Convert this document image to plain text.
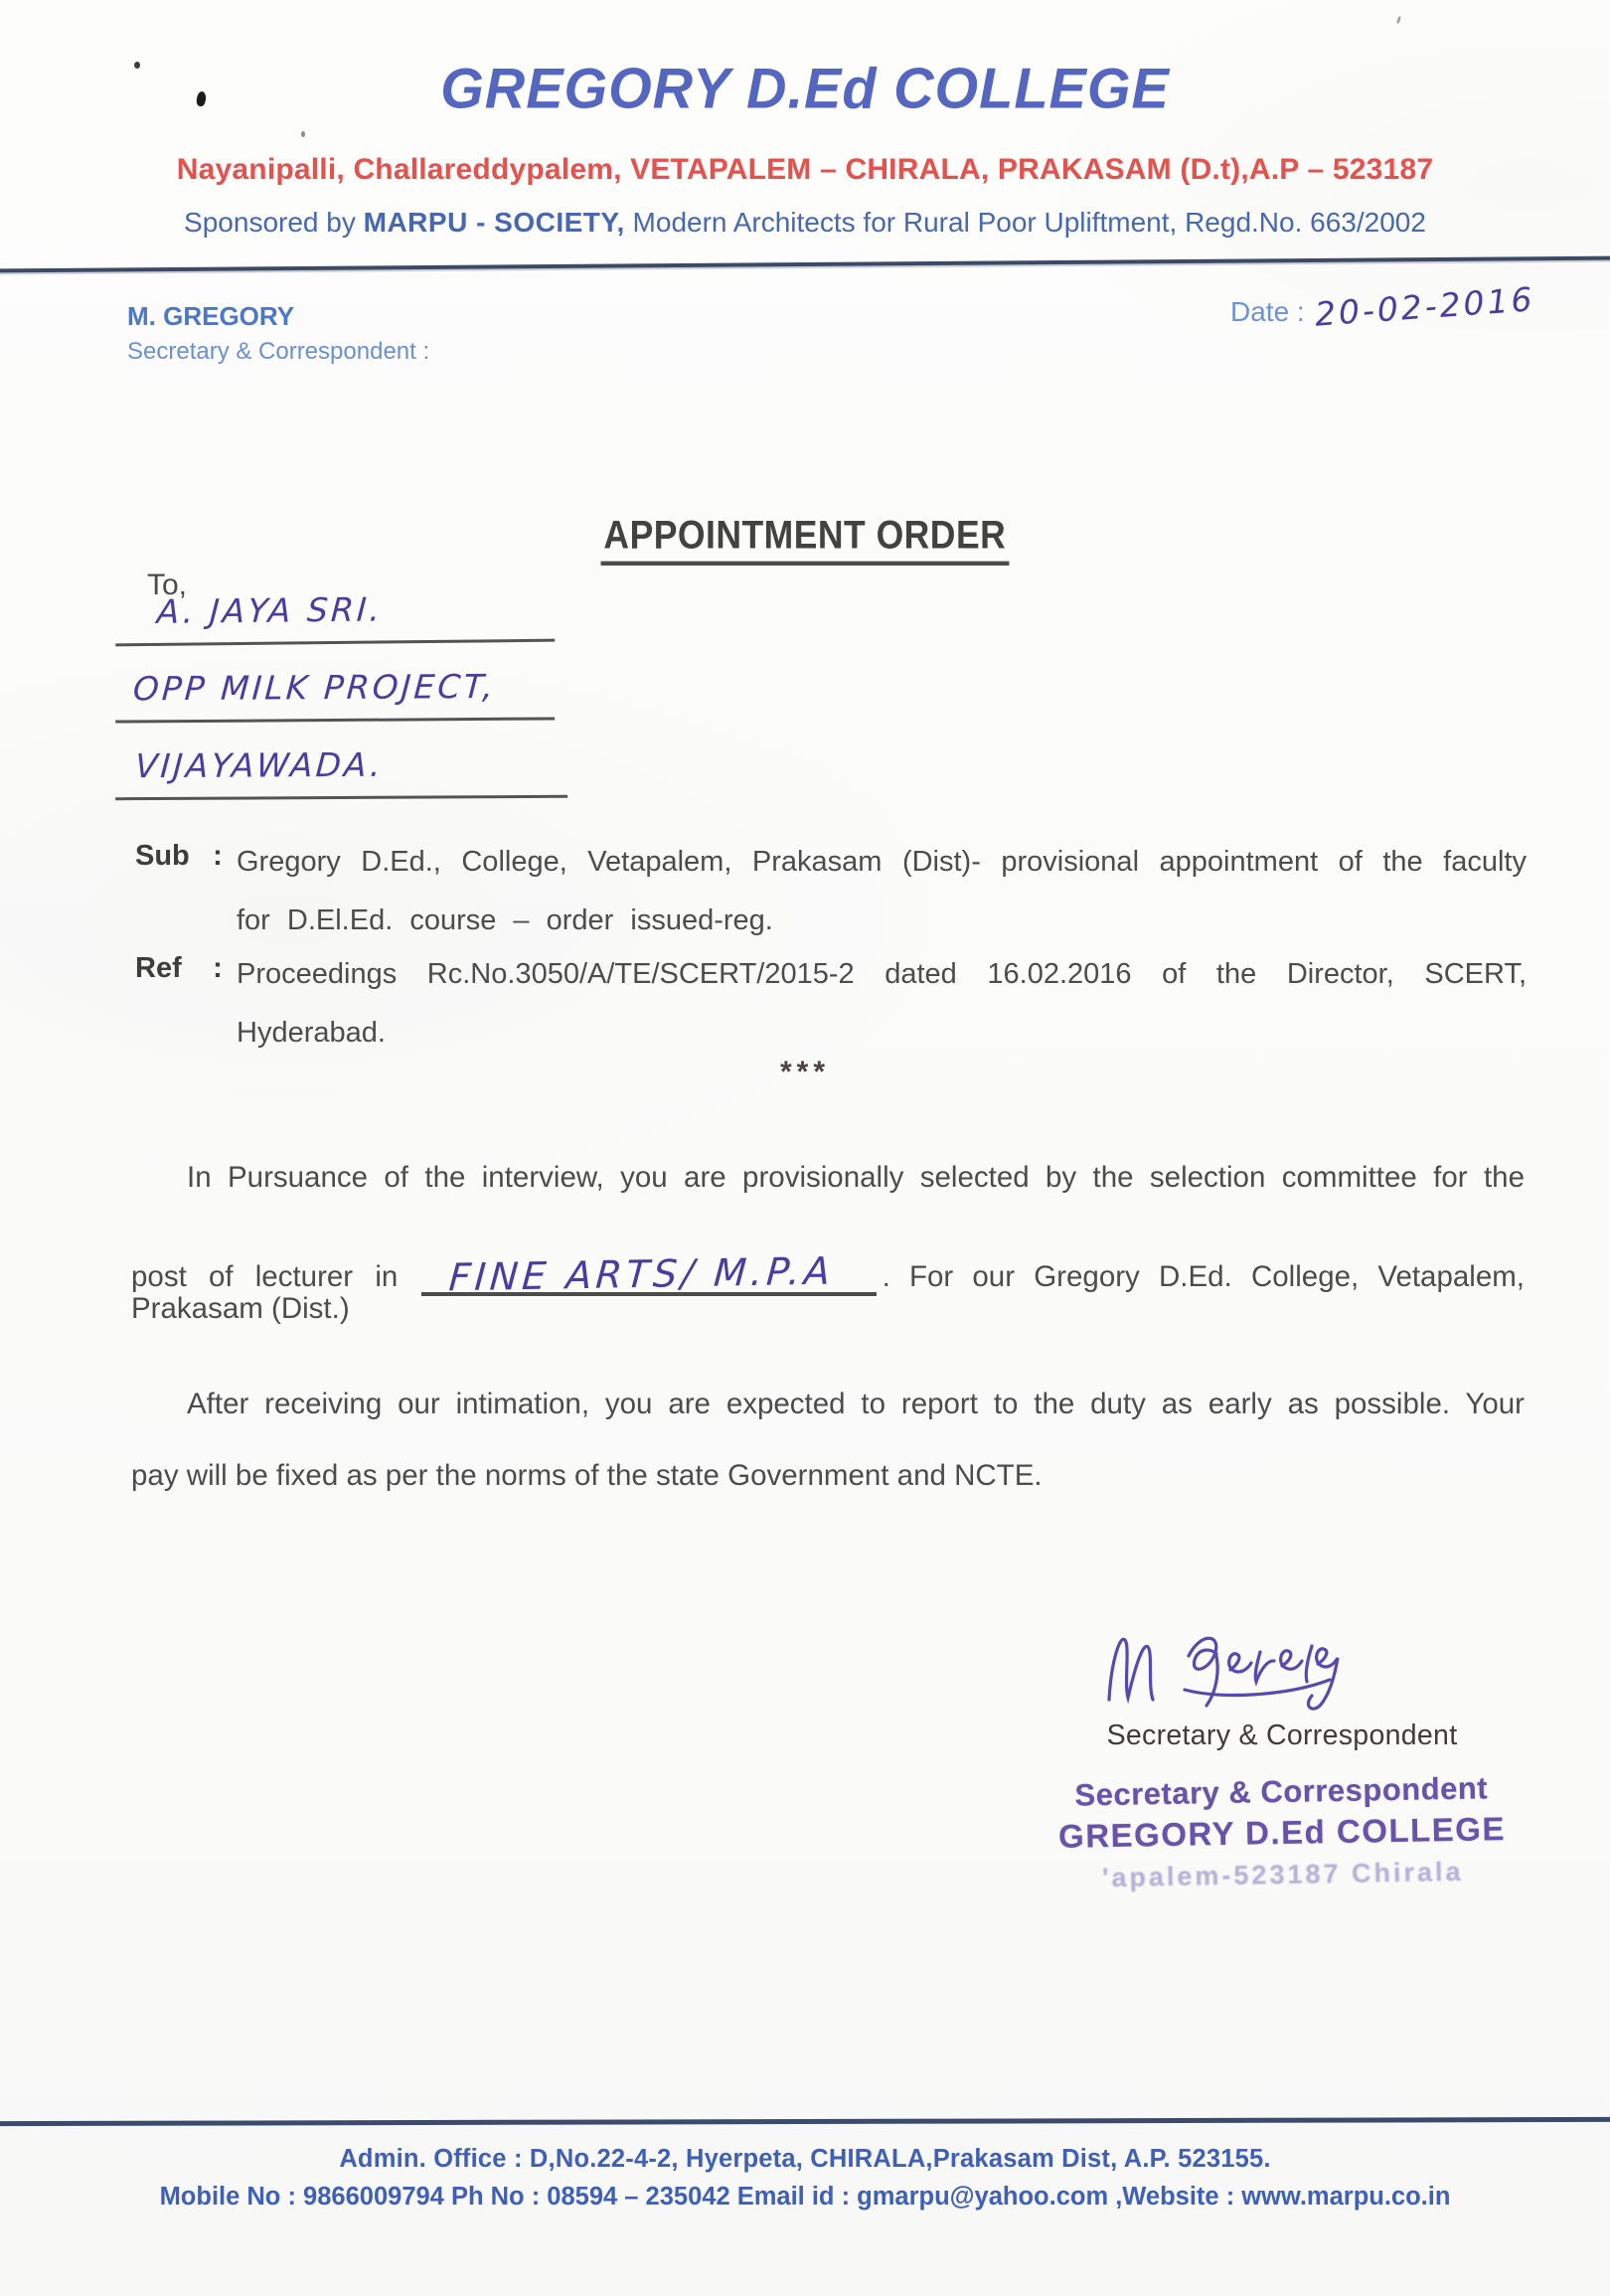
GREGORY D.Ed COLLEGE
Nayanipalli, Challareddypalem, VETAPALEM – CHIRALA, PRAKASAM (D.t),A.P – 523187
Sponsored by MARPU - SOCIETY, Modern Architects for Rural Poor Upliftment, Regd.No. 663/2002
M. GREGORY
Secretary & Correspondent :
Date : 20-02-2016
APPOINTMENT ORDER
To,
A. JAYA SRI.
OPP MILK PROJECT,
VIJAYAWADA.
Sub : Gregory D.Ed., College, Vetapalem, Prakasam (Dist)- provisional appointment of the faculty
for D.El.Ed. course – order issued-reg.
Ref	: Proceedings Rc.No.3050/A/TE/SCERT/2015-2 dated 16.02.2016 of the Director, SCERT,
Hyderabad.
***
In Pursuance of the interview, you are provisionally selected by the selection committee for the
post of lecturer in FINE ARTS/ M.P.A . For our Gregory D.Ed. College, Vetapalem,
Prakasam (Dist.)
After receiving our intimation, you are expected to report to the duty as early as possible. Your
pay will be fixed as per the norms of the state Government and NCTE.
Secretary & Correspondent
Secretary & Correspondent
GREGORY D.Ed COLLEGE
'apalem-523187 Chirala
Admin. Office : D,No.22-4-2, Hyerpeta, CHIRALA,Prakasam Dist, A.P. 523155.
Mobile No : 9866009794 Ph No : 08594 – 235042 Email id : gmarpu@yahoo.com ,Website : www.marpu.co.in
